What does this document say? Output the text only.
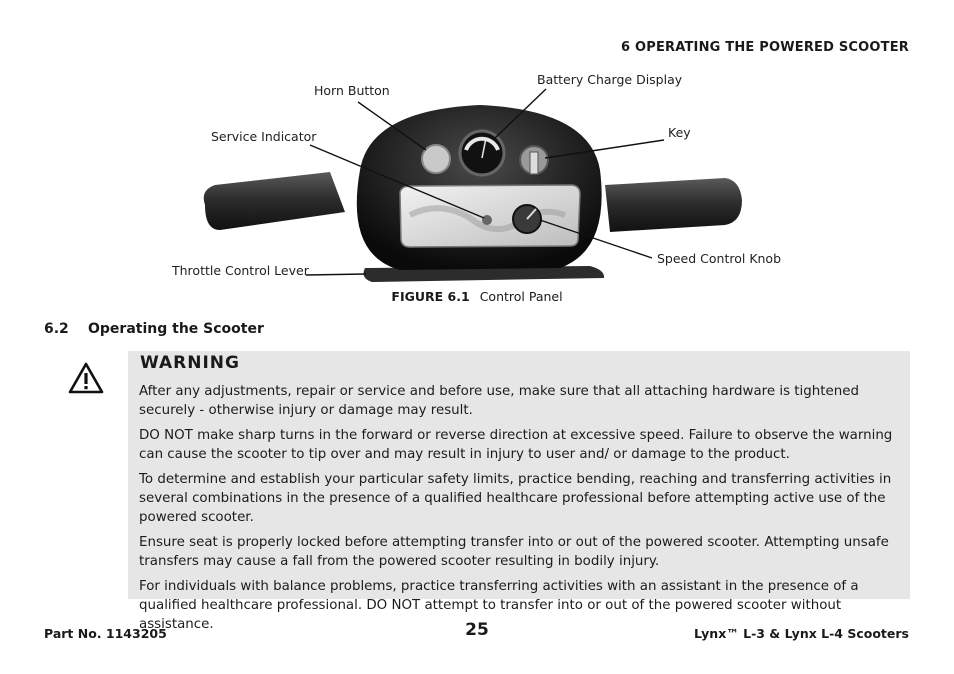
6 OPERATING THE POWERED SCOOTER
Horn Button
Battery Charge Display
Service Indicator	Key
Throttle Control Lever
Speed Control Knob
FIGURE 6.1 Control Panel
6.2 Operating the Scooter
WARNING

After any adjustments, repair or service and before use, make sure that all attaching hardware is tightened securely - otherwise injury or damage may result.

DO NOT make sharp turns in the forward or reverse direction at excessive speed. Failure to observe the warning can cause the scooter to tip over and may result in injury to user and/ or damage to the product.

To determine and establish your particular safety limits, practice bending, reaching and transferring activities in several combinations in the presence of a qualified healthcare professional before attempting active use of the powered scooter.

Ensure seat is properly locked before attempting transfer into or out of the powered scooter. Attempting unsafe transfers may cause a fall from the powered scooter resulting in bodily injury.

For individuals with balance problems, practice transferring activities with an assistant in the presence of a qualified healthcare professional. DO NOT attempt to transfer into or out of the powered scooter without assistance.

Part No. 1143205	25	Lynx™ L-3 & Lynx L-4 Scooters
